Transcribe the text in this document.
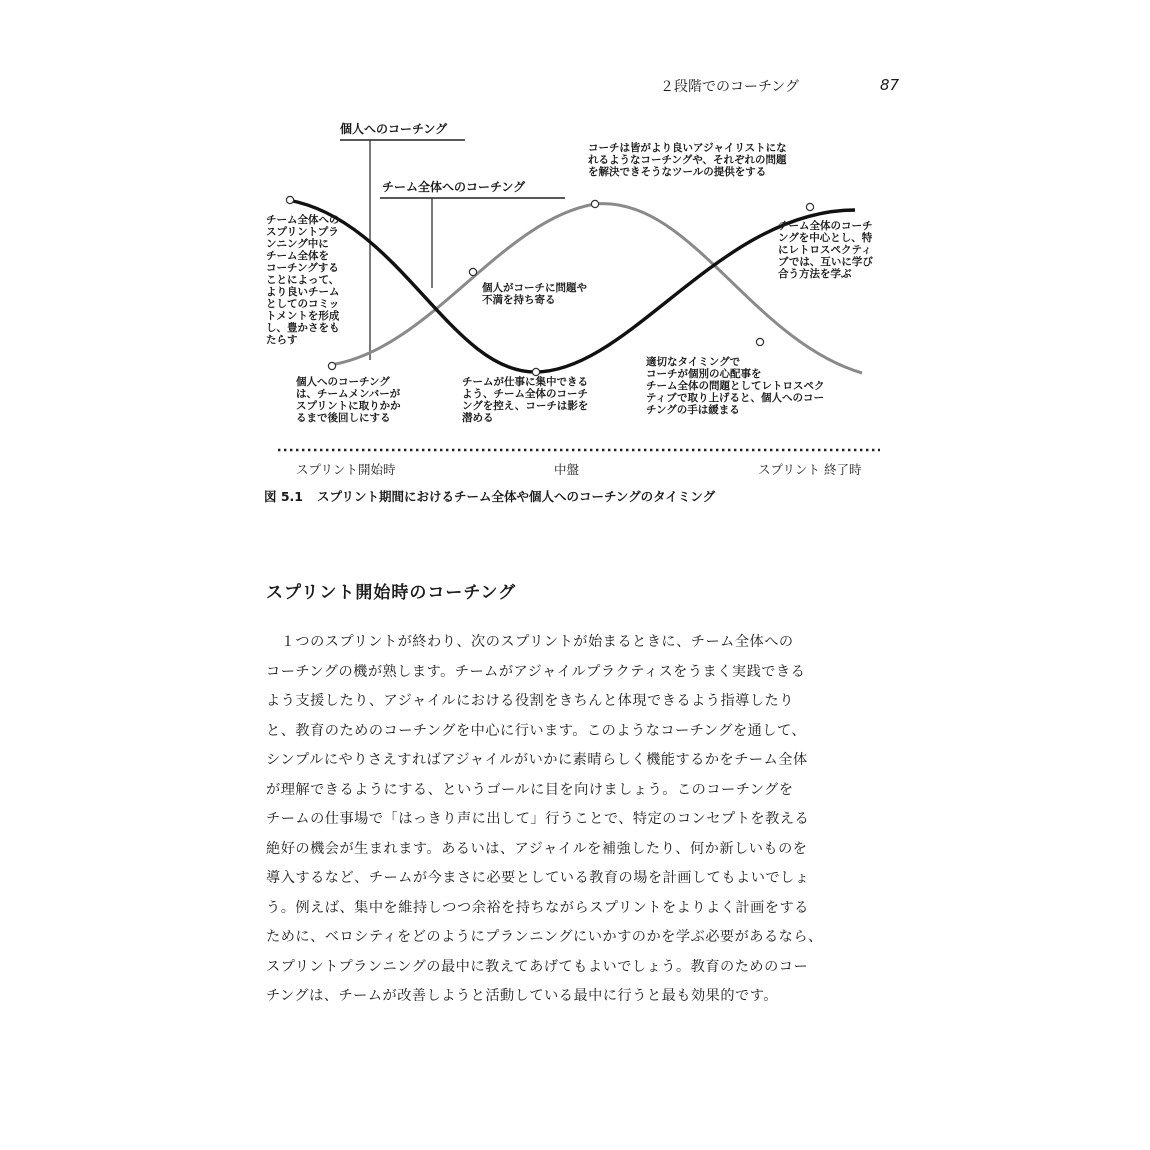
２段階でのコーチング	87
個人へのコーチング
チーム全体へのコーチング
コーチは皆がより良いアジャイリストにな
れるようなコーチングや、それぞれの問題
を解決できそうなツールの提供をする
チーム全体への
スプリントプラ
ンニング中に
チーム全体を
コーチングする
ことによって、
より良いチーム
としてのコミッ
トメントを形成
し、豊かさをも
たらす
個人がコーチに問題や
不満を持ち寄る
チーム全体のコーチ
ングを中心とし、特
にレトロスペクティ
ブでは、互いに学び
合う方法を学ぶ
個人へのコーチング
は、チームメンバーが
スプリントに取りかか
るまで後回しにする
チームが仕事に集中できる
よう、チーム全体のコーチ
ングを控え、コーチは影を
潜める
適切なタイミングで
コーチが個別の心配事を
チーム全体の問題としてレトロスペク
ティブで取り上げると、個人へのコー
チングの手は緩まる
スプリント開始時	中盤	スプリント 終了時
図 5.1 スプリント期間におけるチーム全体や個人へのコーチングのタイミング
スプリント開始時のコーチング
　１つのスプリントが終わり、次のスプリントが始まるときに、チーム全体への
コーチングの機が熟します。チームがアジャイルプラクティスをうまく実践できる
よう支援したり、アジャイルにおける役割をきちんと体現できるよう指導したり
と、教育のためのコーチングを中心に行います。このようなコーチングを通して、
シンプルにやりさえすればアジャイルがいかに素晴らしく機能するかをチーム全体
が理解できるようにする、というゴールに目を向けましょう。このコーチングを
チームの仕事場で「はっきり声に出して」行うことで、特定のコンセプトを教える
絶好の機会が生まれます。あるいは、アジャイルを補強したり、何か新しいものを
導入するなど、チームが今まさに必要としている教育の場を計画してもよいでしょ
う。例えば、集中を維持しつつ余裕を持ちながらスプリントをよりよく計画をする
ために、ベロシティをどのようにプランニングにいかすのかを学ぶ必要があるなら、
スプリントプランニングの最中に教えてあげてもよいでしょう。教育のためのコー
チングは、チームが改善しようと活動している最中に行うと最も効果的です。
